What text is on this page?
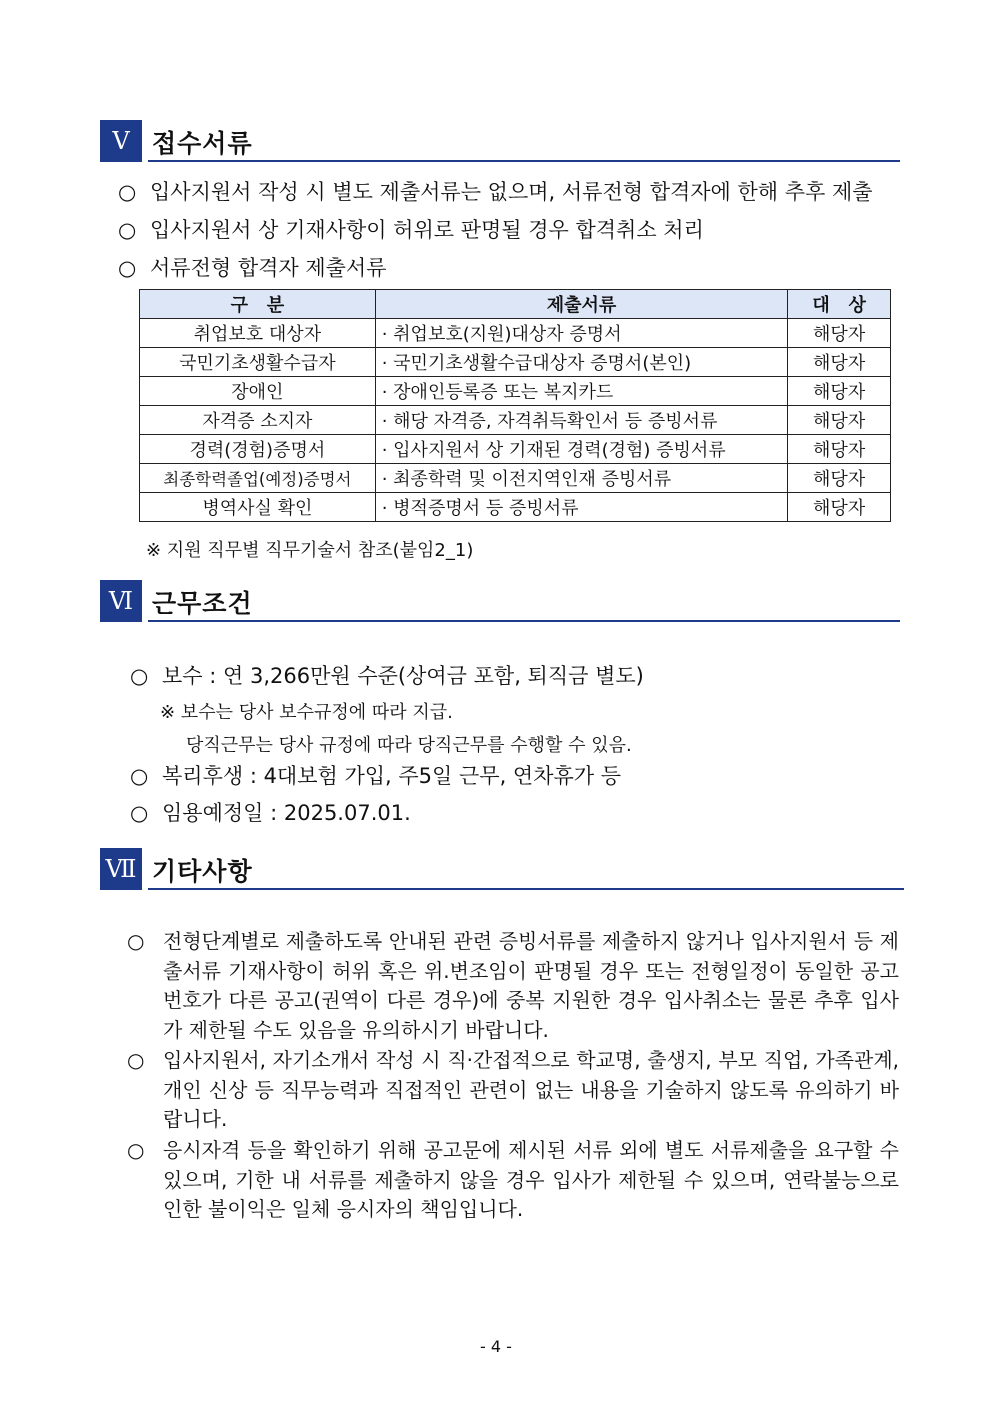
Ⅴ 접수서류
○ 입사지원서 작성 시 별도 제출서류는 없으며, 서류전형 합격자에 한해 추후 제출
○ 입사지원서 상 기재사항이 허위로 판명될 경우 합격취소 처리
○ 서류전형 합격자 제출서류
구   분	제출서류	대   상
취업보호 대상자	· 취업보호(지원)대상자 증명서	해당자
국민기초생활수급자	· 국민기초생활수급대상자 증명서(본인)	해당자
장애인	· 장애인등록증 또는 복지카드	해당자
자격증 소지자	· 해당 자격증, 자격취득확인서 등 증빙서류	해당자
경력(경험)증명서	· 입사지원서 상 기재된 경력(경험) 증빙서류	해당자
최종학력졸업(예정)증명서	· 최종학력 및 이전지역인재 증빙서류	해당자
병역사실 확인	· 병적증명서 등 증빙서류	해당자
※ 지원 직무별 직무기술서 참조(붙임2_1)
Ⅵ 근무조건
○ 보수 : 연 3,266만원 수준(상여금 포함, 퇴직금 별도)
※ 보수는 당사 보수규정에 따라 지급.
당직근무는 당사 규정에 따라 당직근무를 수행할 수 있음.
○ 복리후생 : 4대보험 가입, 주5일 근무, 연차휴가 등
○ 임용예정일 : 2025.07.01.
Ⅶ 기타사항
○ 전형단계별로 제출하도록 안내된 관련 증빙서류를 제출하지 않거나 입사지원서 등 제출서류 기재사항이 허위 혹은 위.변조임이 판명될 경우 또는 전형일정이 동일한 공고번호가 다른 공고(권역이 다른 경우)에 중복 지원한 경우 입사취소는 물론 추후 입사가 제한될 수도 있음을 유의하시기 바랍니다.
○ 입사지원서, 자기소개서 작성 시 직·간접적으로 학교명, 출생지, 부모 직업, 가족관계, 개인 신상 등 직무능력과 직접적인 관련이 없는 내용을 기술하지 않도록 유의하기 바랍니다.
○ 응시자격 등을 확인하기 위해 공고문에 제시된 서류 외에 별도 서류제출을 요구할 수 있으며, 기한 내 서류를 제출하지 않을 경우 입사가 제한될 수 있으며, 연락불능으로 인한 불이익은 일체 응시자의 책임입니다.
- 4 -
